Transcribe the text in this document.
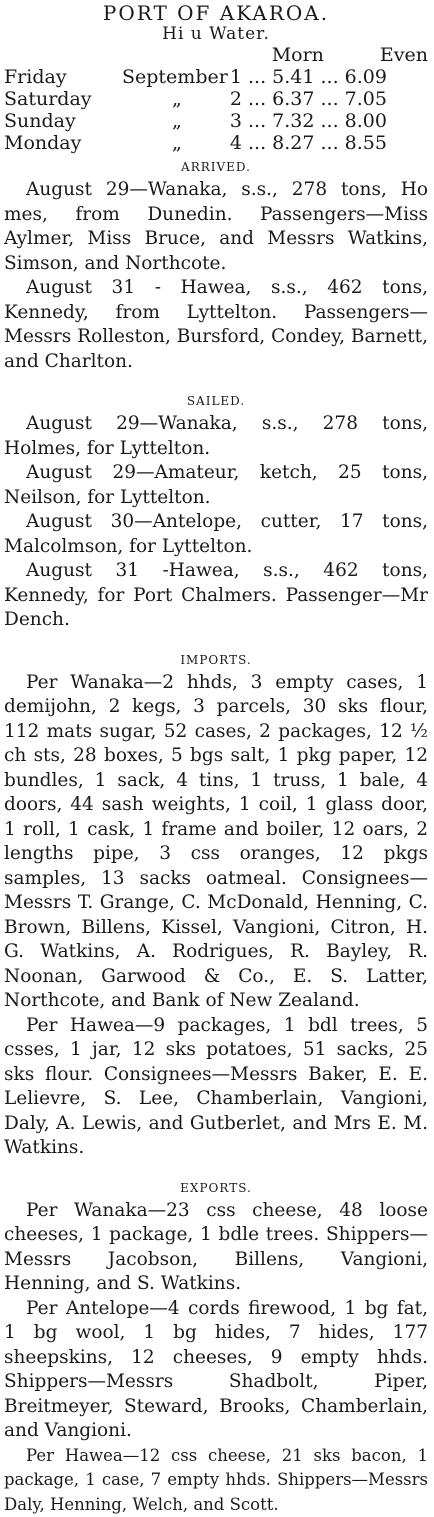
PORT OF AKAROA.
Hi u Water.
Morn	Even
Friday	September 1 ... 5.41 ... 6.09
Saturday	„	2 ... 6.37 ... 7.05
Sunday	„	3 ... 7.32 ... 8.00
Monday	„	4 ... 8.27 ... 8.55
ARRIVED.

August 29—Wanaka, s.s., 278 tons, Ho mes, from Dunedin. Passengers—Miss Aylmer, Miss Bruce, and Messrs Watkins, Simson, and Northcote.

August 31 - Hawea, s.s., 462 tons, Kennedy, from Lyttelton. Passengers—Messrs Rolleston, Bursford, Condey, Barnett, and Charlton.

SAILED.

August 29—Wanaka, s.s., 278 tons, Holmes, for Lyttelton.

August 29—Amateur, ketch, 25 tons, Neilson, for Lyttelton.

August 30—Antelope, cutter, 17 tons, Malcolmson, for Lyttelton.

August 31 -Hawea, s.s., 462 tons, Kennedy, for Port Chalmers. Passenger—Mr Dench.

IMPORTS.

Per Wanaka—2 hhds, 3 empty cases, 1 demijohn, 2 kegs, 3 parcels, 30 sks flour, 112 mats sugar, 52 cases, 2 packages, 12 ½ ch sts, 28 boxes, 5 bgs salt, 1 pkg paper, 12 bundles, 1 sack, 4 tins, 1 truss, 1 bale, 4 doors, 44 sash weights, 1 coil, 1 glass door, 1 roll, 1 cask, 1 frame and boiler, 12 oars, 2 lengths pipe, 3 css oranges, 12 pkgs samples, 13 sacks oatmeal. Consignees—Messrs T. Grange, C. McDonald, Henning, C. Brown, Billens, Kissel, Vangioni, Citron, H. G. Watkins, A. Rodrigues, R. Bayley, R. Noonan, Garwood & Co., E. S. Latter, Northcote, and Bank of New Zealand.

Per Hawea—9 packages, 1 bdl trees, 5 csses, 1 jar, 12 sks potatoes, 51 sacks, 25 sks flour. Consignees—Messrs Baker, E. E. Lelievre, S. Lee, Chamberlain, Vangioni, Daly, A. Lewis, and Gutberlet, and Mrs E. M. Watkins.

EXPORTS.

Per Wanaka—23 css cheese, 48 loose cheeses, 1 package, 1 bdle trees. Shippers—Messrs Jacobson, Billens, Vangioni, Henning, and S. Watkins.

Per Antelope—4 cords firewood, 1 bg fat, 1 bg wool, 1 bg hides, 7 hides, 177 sheepskins, 12 cheeses, 9 empty hhds. Shippers—Messrs Shadbolt, Piper, Breitmeyer, Steward, Brooks, Chamberlain, and Vangioni.

Per Hawea—12 css cheese, 21 sks bacon, 1 package, 1 case, 7 empty hhds. Shippers—Messrs Daly, Henning, Welch, and Scott.
